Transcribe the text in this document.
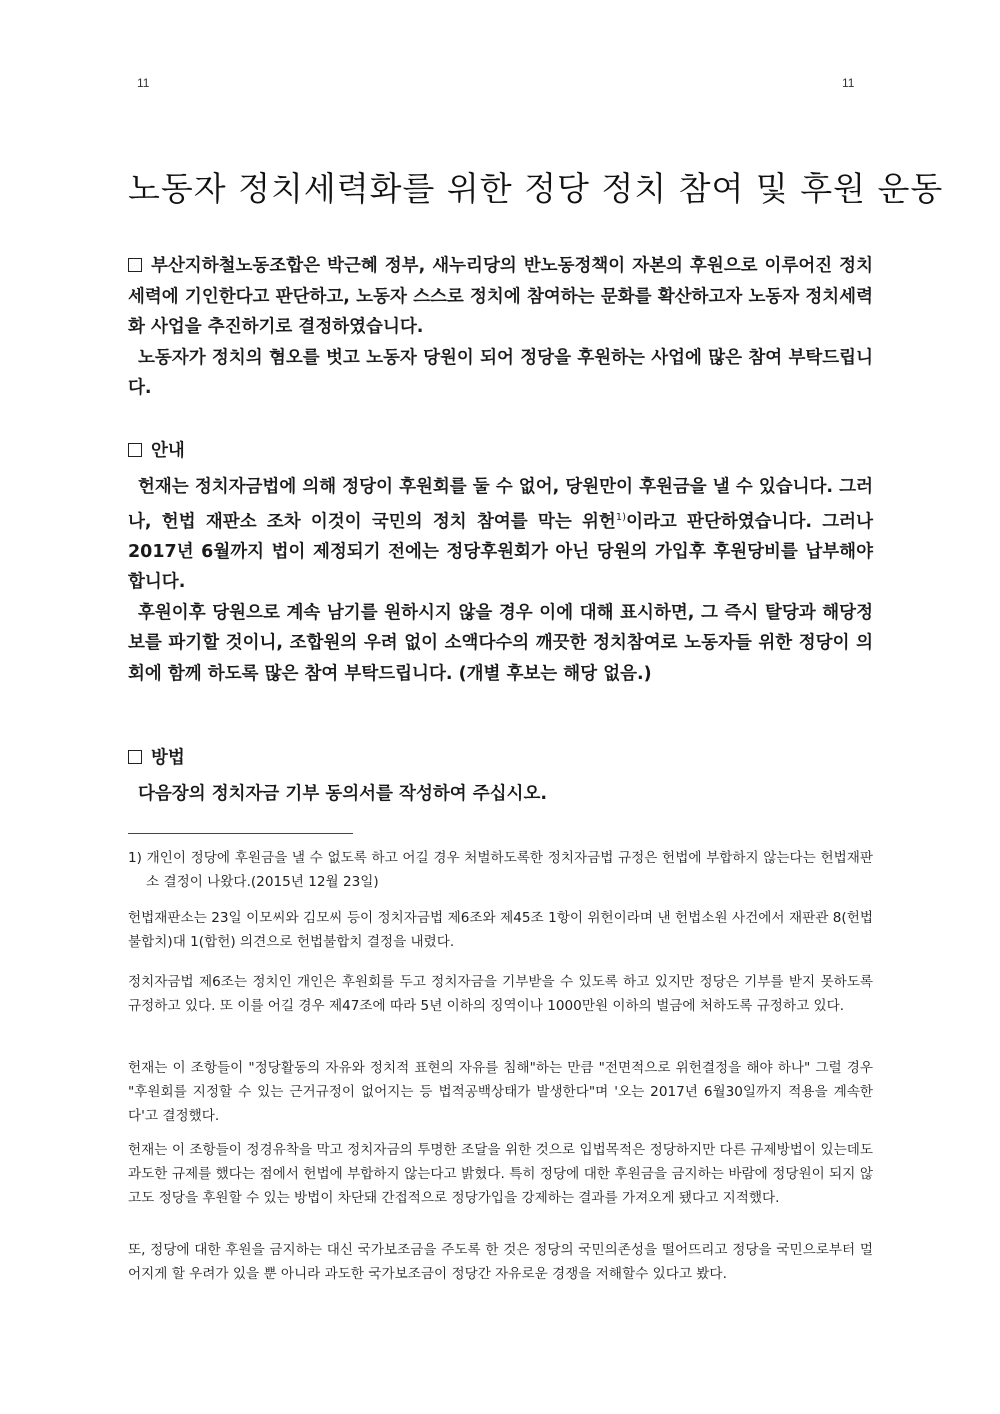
11	11
노동자 정치세력화를 위한 정당 정치 참여 및 후원 운동

부산지하철노동조합은 박근혜 정부, 새누리당의 반노동정책이 자본의 후원으로 이루어진 정치세력에 기인한다고 판단하고, 노동자 스스로 정치에 참여하는 문화를 확산하고자 노동자 정치세력화 사업을 추진하기로 결정하였습니다.

노동자가 정치의 혐오를 벗고 노동자 당원이 되어 정당을 후원하는 사업에 많은 참여 부탁드립니다.

안내

헌재는 정치자금법에 의해 정당이 후원회를 둘 수 없어, 당원만이 후원금을 낼 수 있습니다. 그러나, 헌법 재판소 조차 이것이 국민의 정치 참여를 막는 위헌$^{1)}$이라고 판단하였습니다. 그러나 2017년 6월까지 법이 제정되기 전에는 정당후원회가 아닌 당원의 가입후 후원당비를 납부해야 합니다.

후원이후 당원으로 계속 남기를 원하시지 않을 경우 이에 대해 표시하면, 그 즉시 탈당과 해당정보를 파기할 것이니, 조합원의 우려 없이 소액다수의 깨끗한 정치참여로 노동자들 위한 정당이 의회에 함께 하도록 많은 참여 부탁드립니다. (개별 후보는 해당 없음.)

방법

다음장의 정치자금 기부 동의서를 작성하여 주십시오.

1) 개인이 정당에 후원금을 낼 수 없도록 하고 어길 경우 처벌하도록한 정치자금법 규정은 헌법에 부합하지 않는다는 헌법재판소 결정이 나왔다.(2015년 12월 23일)

헌법재판소는 23일 이모씨와 김모씨 등이 정치자금법 제6조와 제45조 1항이 위헌이라며 낸 헌법소원 사건에서 재판관 8(헌법불합치)대 1(합헌) 의견으로 헌법불합치 결정을 내렸다.

정치자금법 제6조는 정치인 개인은 후원회를 두고 정치자금을 기부받을 수 있도록 하고 있지만 정당은 기부를 받지 못하도록 규정하고 있다. 또 이를 어길 경우 제47조에 따라 5년 이하의 징역이나 1000만원 이하의 벌금에 처하도록 규정하고 있다.

헌재는 이 조항들이 "정당활동의 자유와 정치적 표현의 자유를 침해"하는 만큼 "전면적으로 위헌결정을 해야 하나" 그럴 경우 "후원회를 지정할 수 있는 근거규정이 없어지는 등 법적공백상태가 발생한다"며 '오는 2017년 6월30일까지 적용을 계속한다'고 결정했다.

헌재는 이 조항들이 정경유착을 막고 정치자금의 투명한 조달을 위한 것으로 입법목적은 정당하지만 다른 규제방법이 있는데도 과도한 규제를 했다는 점에서 헌법에 부합하지 않는다고 밝혔다. 특히 정당에 대한 후원금을 금지하는 바람에 정당원이 되지 않고도 정당을 후원할 수 있는 방법이 차단돼 간접적으로 정당가입을 강제하는 결과를 가져오게 됐다고 지적했다.

또, 정당에 대한 후원을 금지하는 대신 국가보조금을 주도록 한 것은 정당의 국민의존성을 떨어뜨리고 정당을 국민으로부터 멀어지게 할 우려가 있을 뿐 아니라 과도한 국가보조금이 정당간 자유로운 경쟁을 저해할수 있다고 봤다.
